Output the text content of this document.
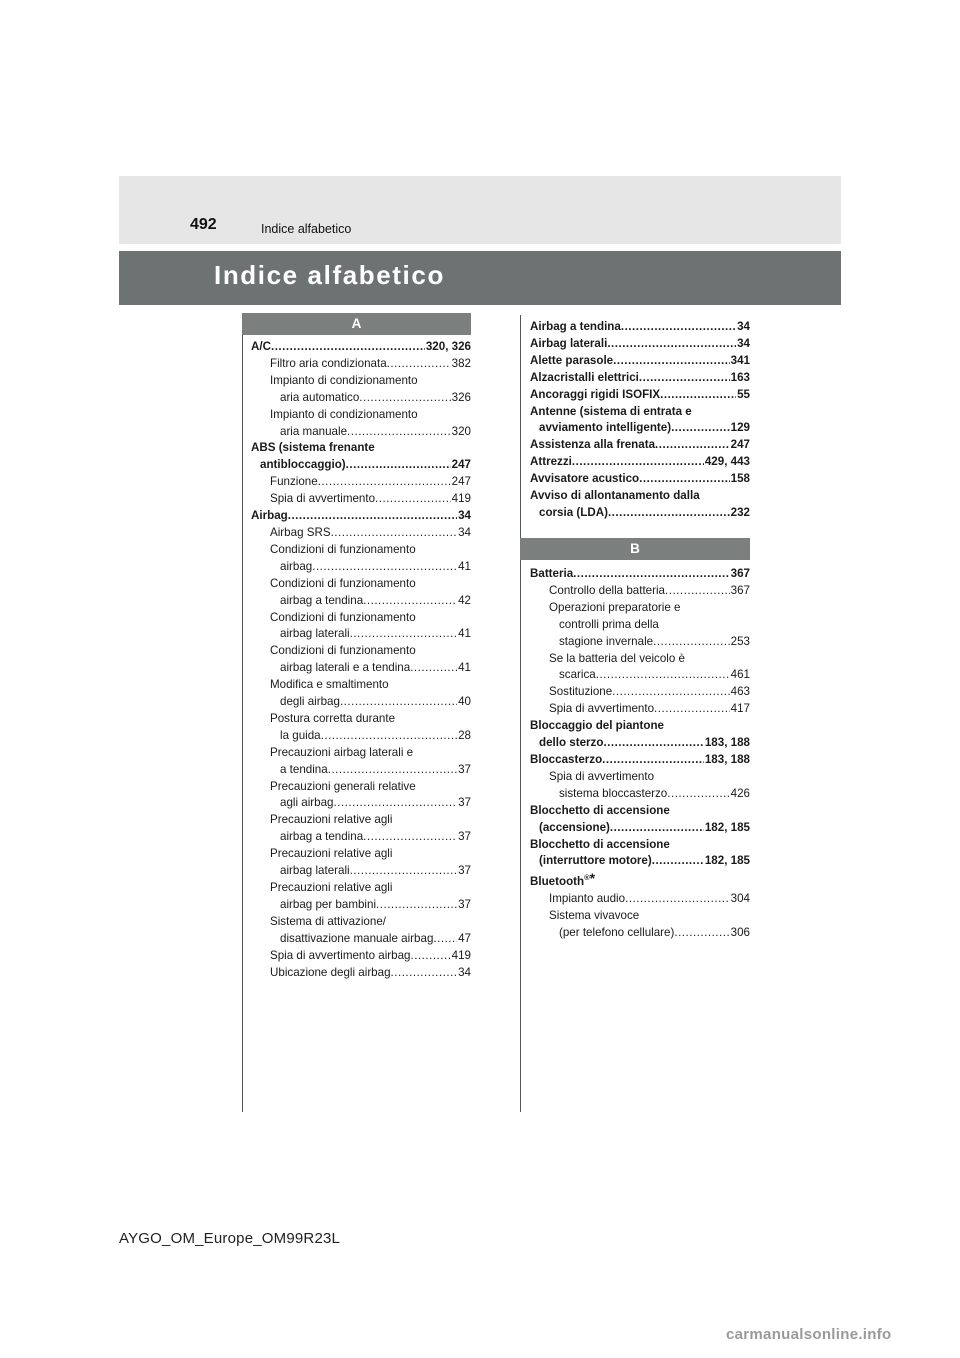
492	Indice alfabetico
Indice alfabetico
A
B
A/C .....	320, 326
Filtro aria condizionata .....	382
Impianto di condizionamento
aria automatico .....	326
Impianto di condizionamento
aria manuale .....	320
ABS (sistema frenante
antibloccaggio) .....	247
Funzione .....	247
Spia di avvertimento .....	419
Airbag .....	34
Airbag SRS .....	34
Condizioni di funzionamento
airbag .....	41
Condizioni di funzionamento
airbag a tendina .....	42
Condizioni di funzionamento
airbag laterali .....	41
Condizioni di funzionamento
airbag laterali e a tendina .....	41
Modifica e smaltimento
degli airbag .....	40
Postura corretta durante
la guida .....	28
Precauzioni airbag laterali e
a tendina .....	37
Precauzioni generali relative
agli airbag .....	37
Precauzioni relative agli
airbag a tendina .....	37
Precauzioni relative agli
airbag laterali .....	37
Precauzioni relative agli
airbag per bambini .....	37
Sistema di attivazione/
disattivazione manuale airbag ..... 47
Spia di avvertimento airbag .....	419
Ubicazione degli airbag .....	34
Airbag a tendina .....	34
Airbag laterali .....	34
Alette parasole .....	341
Alzacristalli elettrici .....	163
Ancoraggi rigidi ISOFIX .....	55
Antenne (sistema di entrata e
avviamento intelligente) .....	129
Assistenza alla frenata .....	247
Attrezzi .....	429, 443
Avvisatore acustico .....	158
Avviso di allontanamento dalla
corsia (LDA) .....	232
Batteria .....	367
Controllo della batteria .....	367
Operazioni preparatorie e
controlli prima della
stagione invernale .....	253
Se la batteria del veicolo è
scarica .....	461
Sostituzione .....	463
Spia di avvertimento .....	417
Bloccaggio del piantone
dello sterzo .....	183, 188
Bloccasterzo .....	183, 188
Spia di avvertimento
sistema bloccasterzo .....	426
Blocchetto di accensione
(accensione) .....	182, 185
Blocchetto di accensione
(interruttore motore) .....	182, 185
Bluetooth®*
Impianto audio .....	304
Sistema vivavoce
(per telefono cellulare) .....	306
AYGO_OM_Europe_OM99R23L
carmanualsonline.info
